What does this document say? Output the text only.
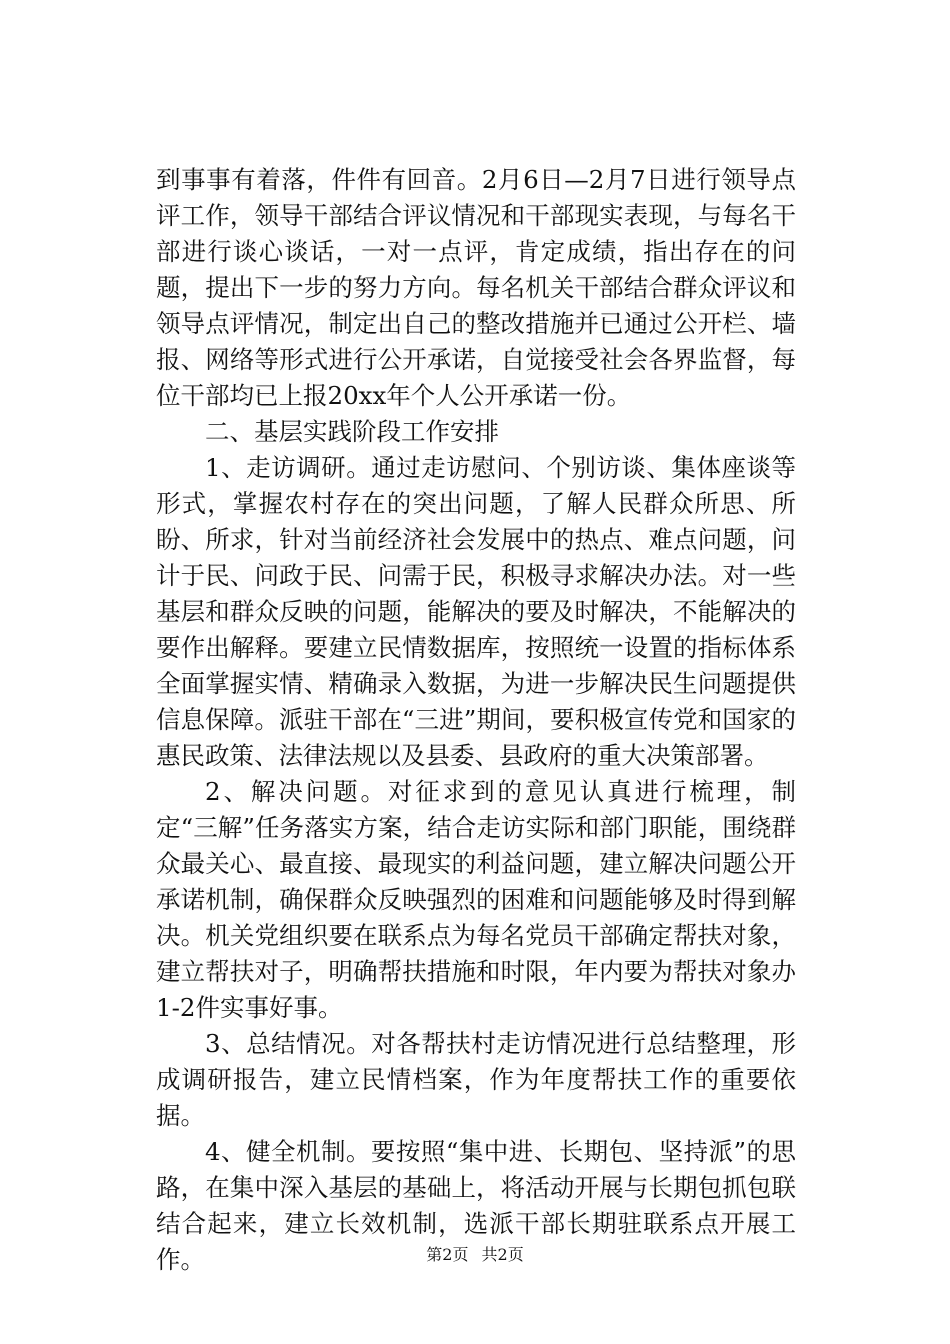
到事事有着落，件件有回音。2月6日—2月7日进行领导点评工作，领导干部结合评议情况和干部现实表现，与每名干部进行谈心谈话，一对一点评，肯定成绩，指出存在的问题，提出下一步的努力方向。每名机关干部结合群众评议和领导点评情况，制定出自己的整改措施并已通过公开栏、墙报、网络等形式进行公开承诺，自觉接受社会各界监督，每位干部均已上报20xx年个人公开承诺一份。

二、基层实践阶段工作安排

1、走访调研。通过走访慰问、个别访谈、集体座谈等形式，掌握农村存在的突出问题，了解人民群众所思、所盼、所求，针对当前经济社会发展中的热点、难点问题，问计于民、问政于民、问需于民，积极寻求解决办法。对一些基层和群众反映的问题，能解决的要及时解决，不能解决的要作出解释。要建立民情数据库，按照统一设置的指标体系全面掌握实情、精确录入数据，为进一步解决民生问题提供信息保障。派驻干部在“三进”期间，要积极宣传党和国家的惠民政策、法律法规以及县委、县政府的重大决策部署。

2、解决问题。对征求到的意见认真进行梳理，制定“三解”任务落实方案，结合走访实际和部门职能，围绕群众最关心、最直接、最现实的利益问题，建立解决问题公开承诺机制，确保群众反映强烈的困难和问题能够及时得到解决。机关党组织要在联系点为每名党员干部确定帮扶对象，建立帮扶对子，明确帮扶措施和时限，年内要为帮扶对象办1-2件实事好事。

3、总结情况。对各帮扶村走访情况进行总结整理，形成调研报告，建立民情档案，作为年度帮扶工作的重要依据。

4、健全机制。要按照“集中进、长期包、坚持派”的思路，在集中深入基层的基础上，将活动开展与长期包抓包联结合起来，建立长效机制，选派干部长期驻联系点开展工作。	第2页 共2页
